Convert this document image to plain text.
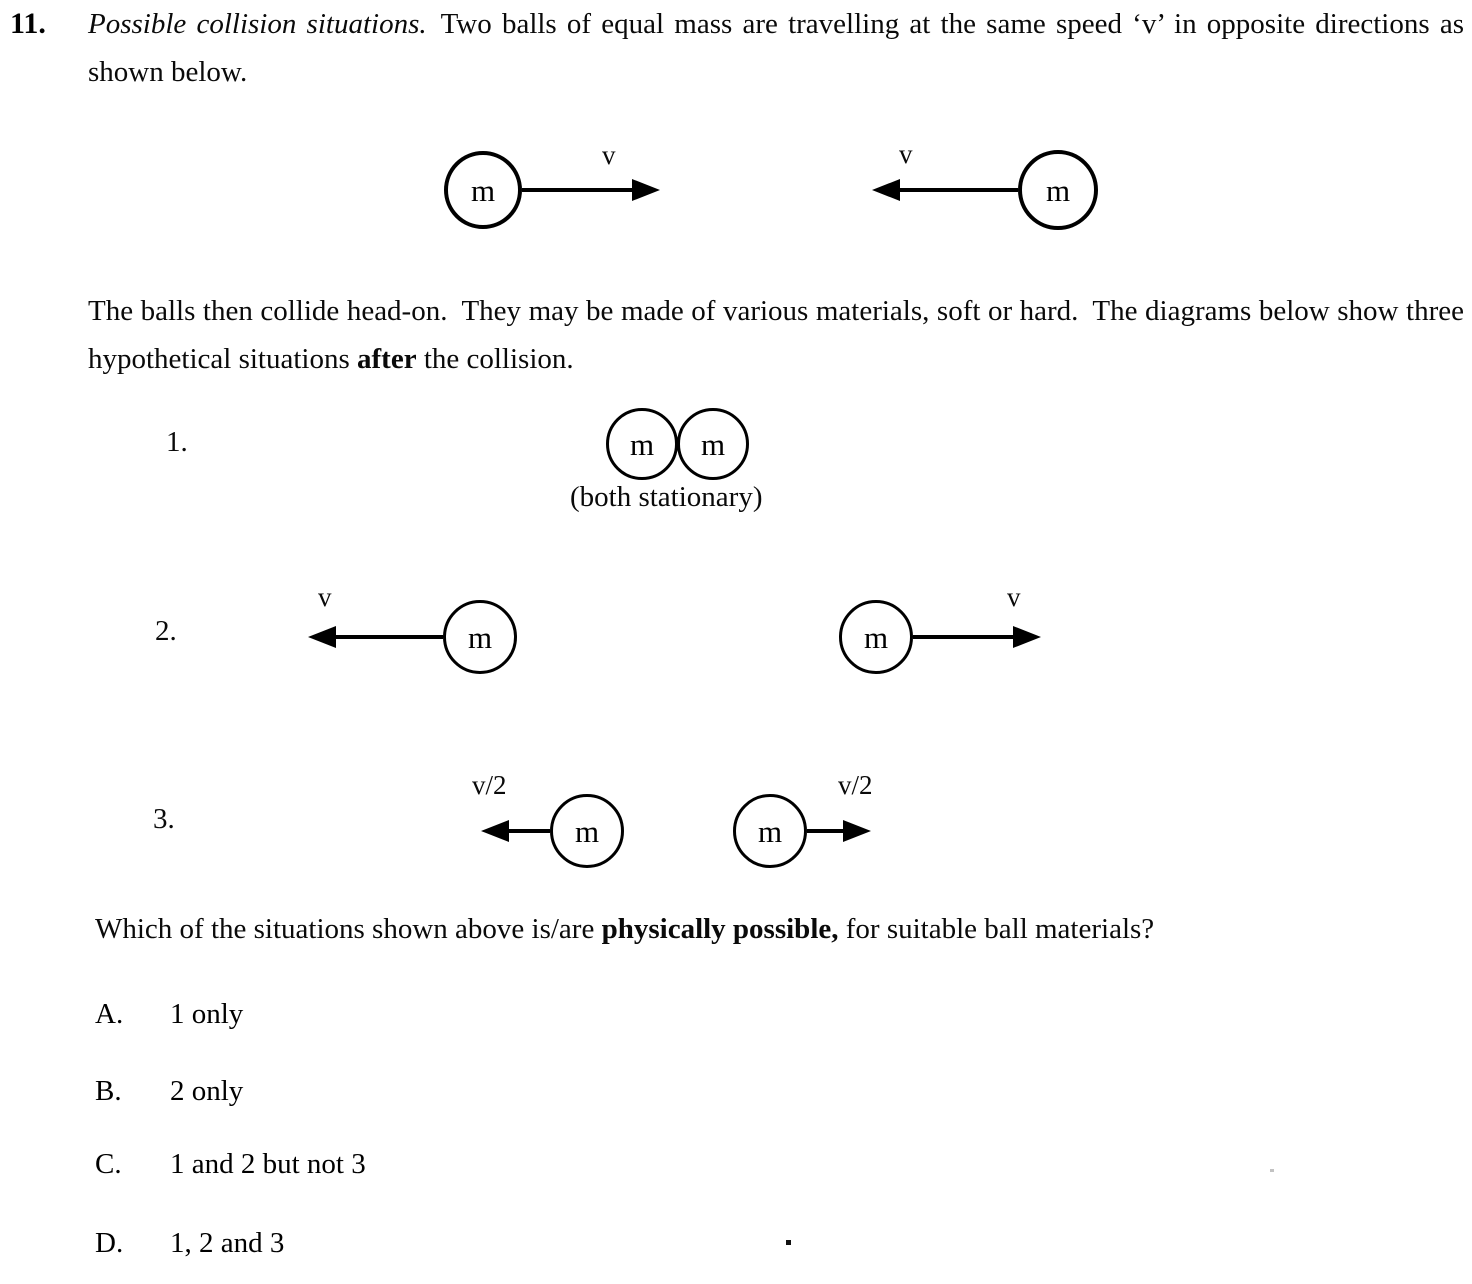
11. Possible collision situations. Two balls of equal mass are travelling at the same speed ‘v’ in opposite directions as shown below.
m
v	v
m
The balls then collide head-on. They may be made of various materials, soft or hard. The diagrams below show three hypothetical situations after the collision.
1.	m m
(both stationary)
2.
v
m	m
v
3.
v/2
m	m
v/2
Which of the situations shown above is/are physically possible, for suitable ball materials?
A. 1 only
B. 2 only
C. 1 and 2 but not 3
D. 1, 2 and 3
